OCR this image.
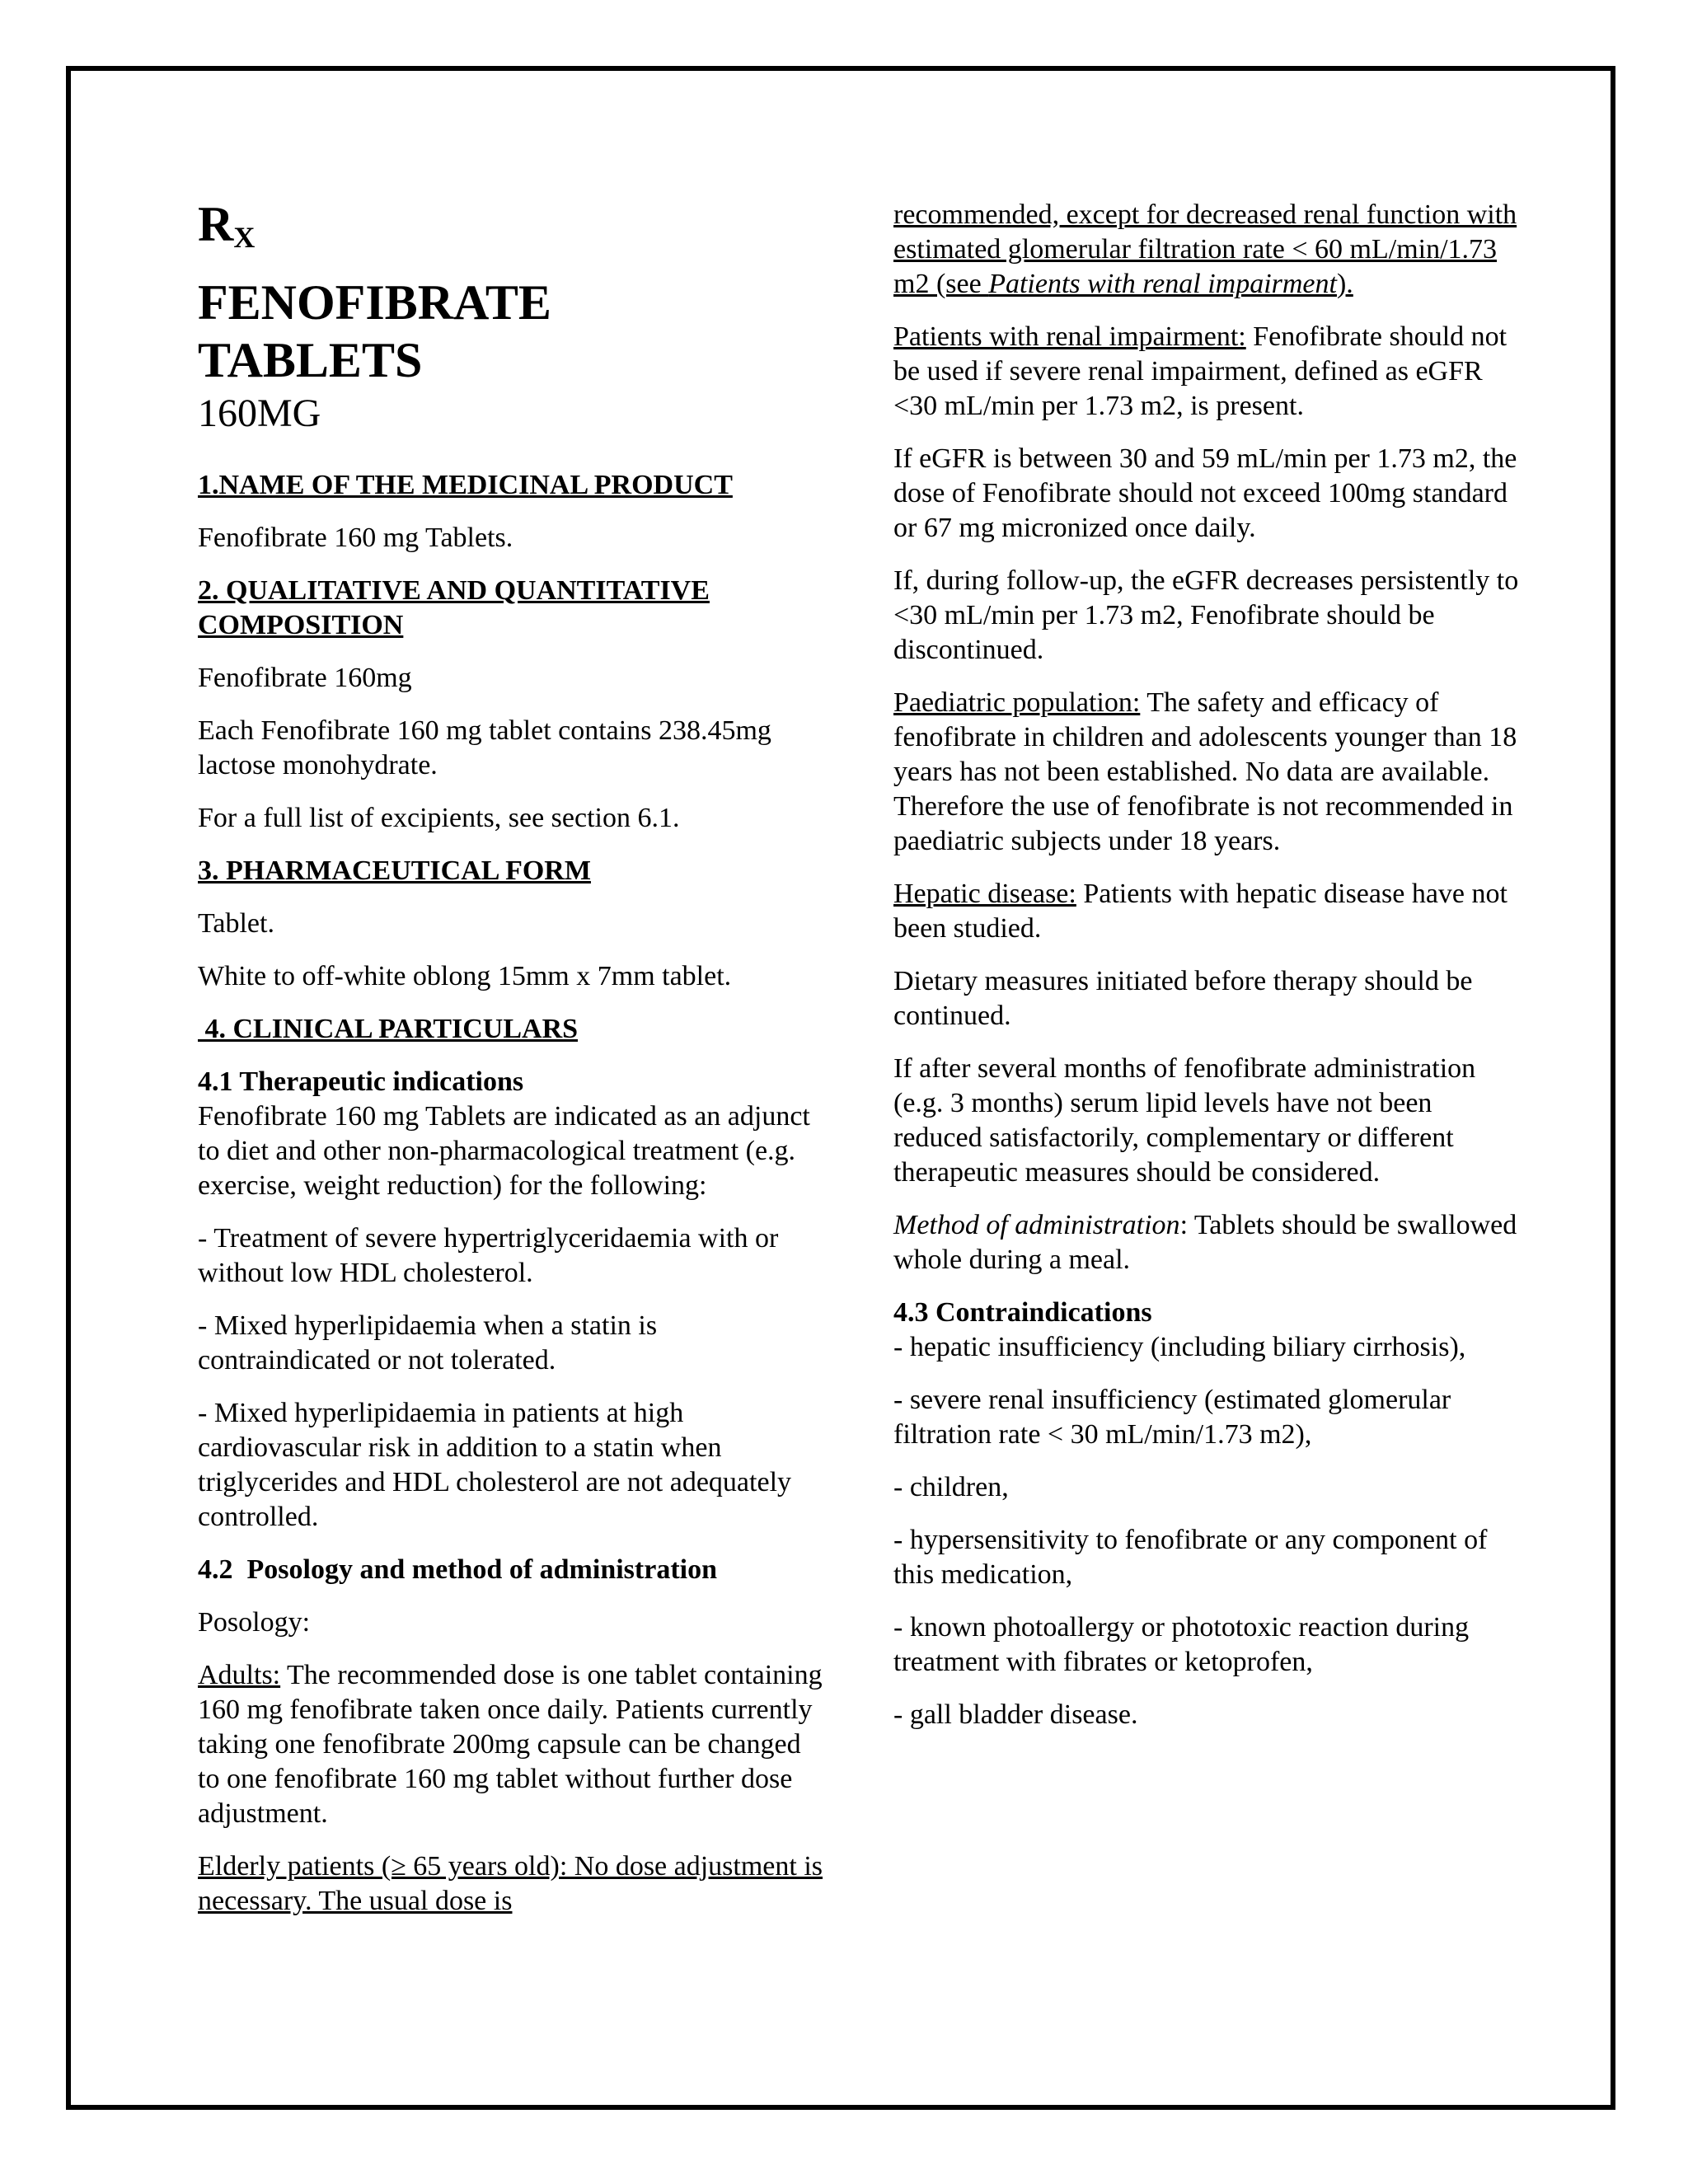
$R_X$

FENOFIBRATE

TABLETS

160MG

1.NAME OF THE MEDICINAL PRODUCT

Fenofibrate 160 mg Tablets.

2. QUALITATIVE AND QUANTITATIVE COMPOSITION

Fenofibrate 160mg

Each Fenofibrate 160 mg tablet contains 238.45mg lactose monohydrate.

For a full list of excipients, see section 6.1.

3. PHARMACEUTICAL FORM

Tablet.

White to off-white oblong 15mm x 7mm tablet.

4. CLINICAL PARTICULARS

4.1 Therapeutic indications

Fenofibrate 160 mg Tablets are indicated as an adjunct to diet and other non-pharmacological treatment (e.g. exercise, weight reduction) for the following:

- Treatment of severe hypertriglyceridaemia with or without low HDL cholesterol.

- Mixed hyperlipidaemia when a statin is contraindicated or not tolerated.

- Mixed hyperlipidaemia in patients at high cardiovascular risk in addition to a statin when triglycerides and HDL cholesterol are not adequately controlled.

4.2  Posology and method of administration

Posology:

Adults: The recommended dose is one tablet containing 160 mg fenofibrate taken once daily. Patients currently taking one fenofibrate 200mg capsule can be changed to one fenofibrate 160 mg tablet without further dose adjustment.

Elderly patients (≥ 65 years old): No dose adjustment is necessary. The usual dose is

recommended, except for decreased renal function with estimated glomerular filtration rate < 60 mL/min/1.73 m2 (see Patients with renal impairment).

Patients with renal impairment: Fenofibrate should not be used if severe renal impairment, defined as eGFR <30 mL/min per 1.73 m2, is present.

If eGFR is between 30 and 59 mL/min per 1.73 m2, the dose of Fenofibrate should not exceed 100mg standard or 67 mg micronized once daily.

If, during follow-up, the eGFR decreases persistently to <30 mL/min per 1.73 m2, Fenofibrate should be discontinued.

Paediatric population: The safety and efficacy of fenofibrate in children and adolescents younger than 18 years has not been established. No data are available. Therefore the use of fenofibrate is not recommended in paediatric subjects under 18 years.

Hepatic disease: Patients with hepatic disease have not been studied.

Dietary measures initiated before therapy should be continued.

If after several months of fenofibrate administration (e.g. 3 months) serum lipid levels have not been reduced satisfactorily, complementary or different therapeutic measures should be considered.

Method of administration: Tablets should be swallowed whole during a meal.

4.3 Contraindications

- hepatic insufficiency (including biliary cirrhosis),

- severe renal insufficiency (estimated glomerular filtration rate < 30 mL/min/1.73 m2),

- children,

- hypersensitivity to fenofibrate or any component of this medication,

- known photoallergy or phototoxic reaction during treatment with fibrates or ketoprofen,

- gall bladder disease.
